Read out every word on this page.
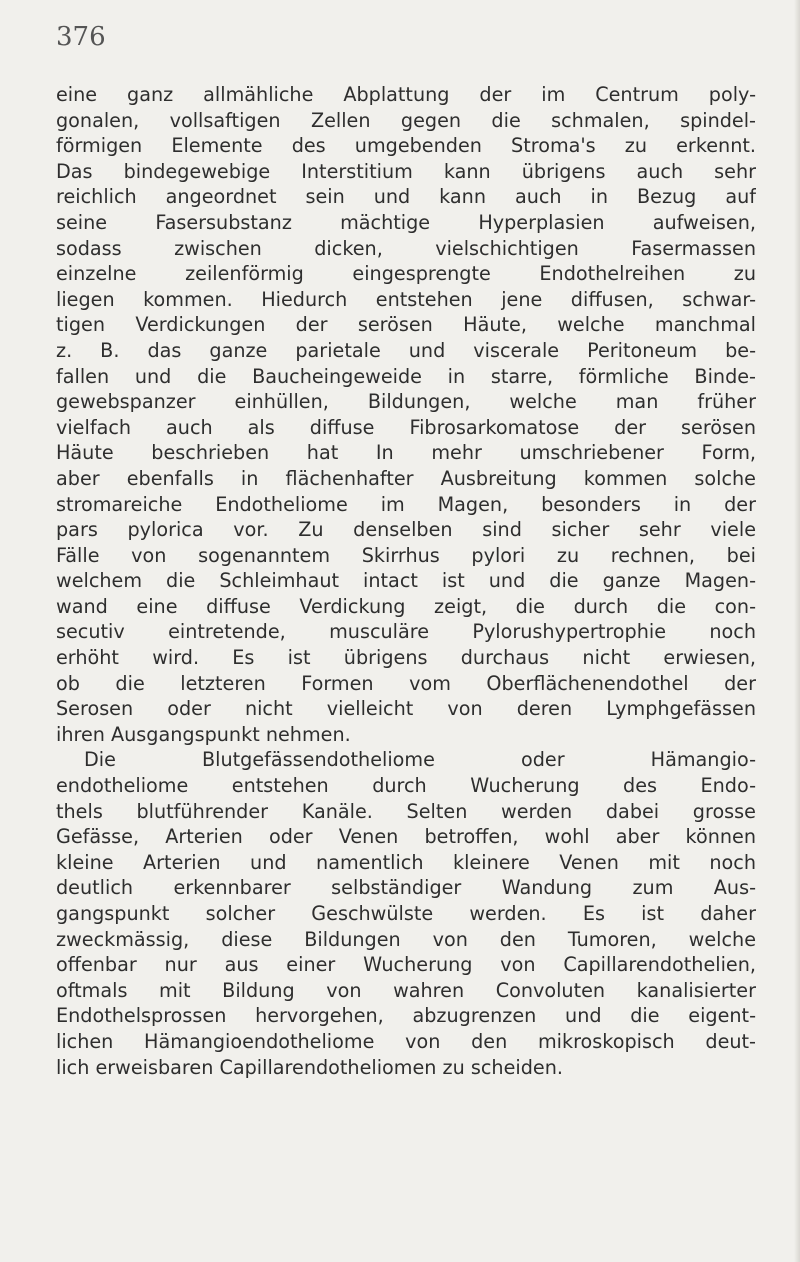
376
eine ganz allmähliche Abplattung der im Centrum poly-
gonalen, vollsaftigen Zellen gegen die schmalen, spindel-
förmigen Elemente des umgebenden Stroma's zu erkennt.
Das bindegewebige Interstitium kann übrigens auch sehr
reichlich angeordnet sein und kann auch in Bezug auf
seine Fasersubstanz mächtige Hyperplasien aufweisen,
sodass zwischen dicken, vielschichtigen Fasermassen
einzelne zeilenförmig eingesprengte Endothelreihen zu
liegen kommen. Hiedurch entstehen jene diffusen, schwar-
tigen Verdickungen der serösen Häute, welche manchmal
z. B. das ganze parietale und viscerale Peritoneum be-
fallen und die Baucheingeweide in starre, förmliche Binde-
gewebspanzer einhüllen, Bildungen, welche man früher
vielfach auch als diffuse Fibrosarkomatose der serösen
Häute beschrieben hat In mehr umschriebener Form,
aber ebenfalls in flächenhafter Ausbreitung kommen solche
stromareiche Endotheliome im Magen, besonders in der
pars pylorica vor. Zu denselben sind sicher sehr viele
Fälle von sogenanntem Skirrhus pylori zu rechnen, bei
welchem die Schleimhaut intact ist und die ganze Magen-
wand eine diffuse Verdickung zeigt, die durch die con-
secutiv eintretende, musculäre Pylorushypertrophie noch
erhöht wird. Es ist übrigens durchaus nicht erwiesen,
ob die letzteren Formen vom Oberflächenendothel der
Serosen oder nicht vielleicht von deren Lymphgefässen
ihren Ausgangspunkt nehmen.
Die Blutgefässendotheliome oder Hämangio-
endotheliome entstehen durch Wucherung des Endo-
thels blutführender Kanäle. Selten werden dabei grosse
Gefässe, Arterien oder Venen betroffen, wohl aber können
kleine Arterien und namentlich kleinere Venen mit noch
deutlich erkennbarer selbständiger Wandung zum Aus-
gangspunkt solcher Geschwülste werden. Es ist daher
zweckmässig, diese Bildungen von den Tumoren, welche
offenbar nur aus einer Wucherung von Capillarendothelien,
oftmals mit Bildung von wahren Convoluten kanalisierter
Endothelsprossen hervorgehen, abzugrenzen und die eigent-
lichen Hämangioendotheliome von den mikroskopisch deut-
lich erweisbaren Capillarendotheliomen zu scheiden.
